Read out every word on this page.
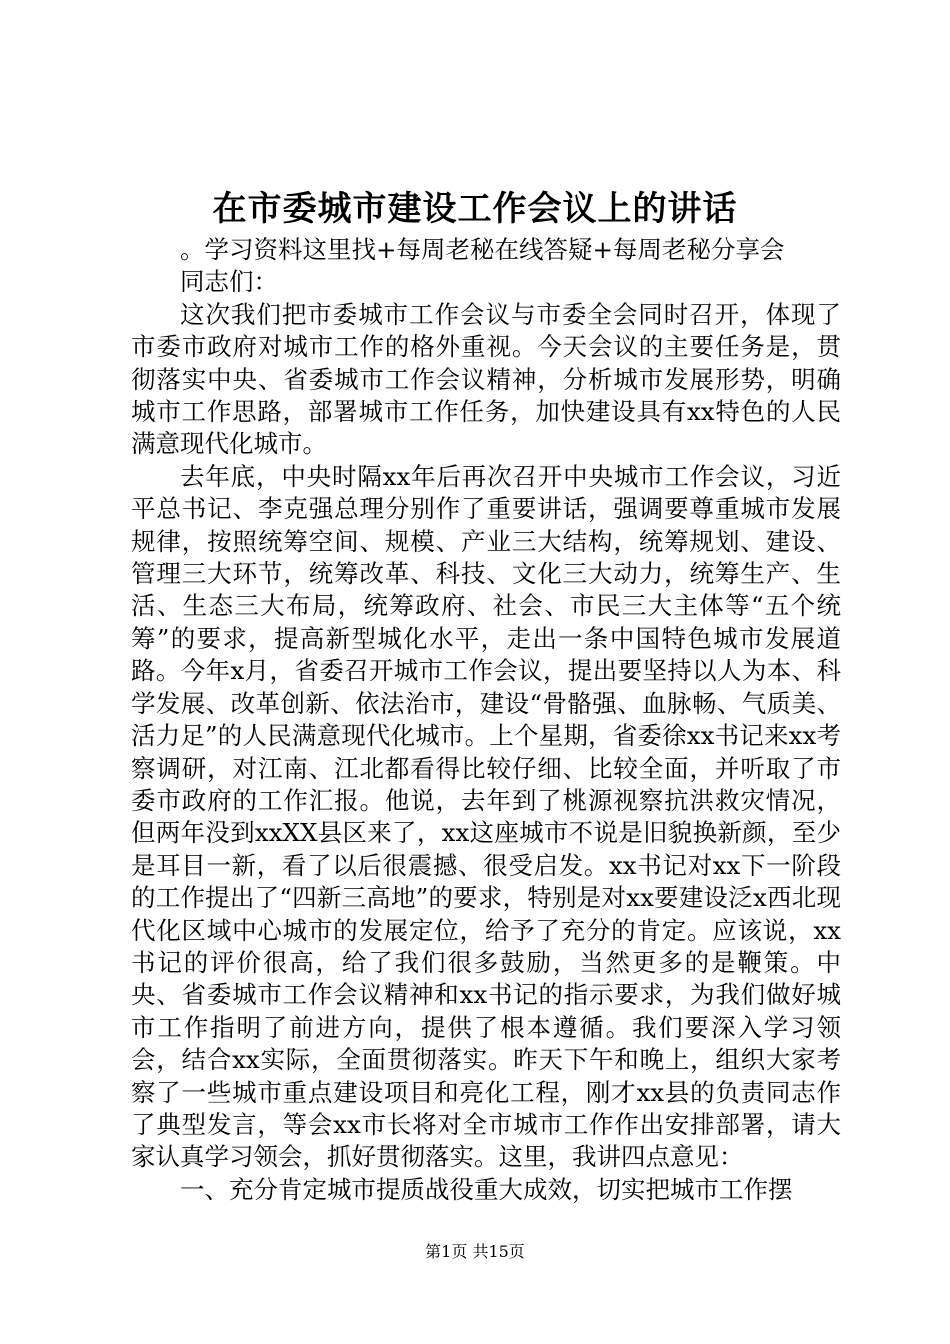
在市委城市建设工作会议上的讲话

。学习资料这里找+每周老秘在线答疑+每周老秘分享会

同志们：

这次我们把市委城市工作会议与市委全会同时召开，体现了市委市政府对城市工作的格外重视。今天会议的主要任务是，贯彻落实中央、省委城市工作会议精神，分析城市发展形势，明确城市工作思路，部署城市工作任务，加快建设具有xx特色的人民满意现代化城市。

去年底，中央时隔xx年后再次召开中央城市工作会议，习近平总书记、李克强总理分别作了重要讲话，强调要尊重城市发展规律，按照统筹空间、规模、产业三大结构，统筹规划、建设、管理三大环节，统筹改革、科技、文化三大动力，统筹生产、生活、生态三大布局，统筹政府、社会、市民三大主体等“五个统筹”的要求，提高新型城化水平，走出一条中国特色城市发展道路。今年x月，省委召开城市工作会议，提出要坚持以人为本、科学发展、改革创新、依法治市，建设“骨骼强、血脉畅、气质美、活力足”的人民满意现代化城市。上个星期，省委徐xx书记来xx考察调研，对江南、江北都看得比较仔细、比较全面，并听取了市委市政府的工作汇报。他说，去年到了桃源视察抗洪救灾情况，但两年没到xxXX县区来了，xx这座城市不说是旧貌换新颜，至少是耳目一新，看了以后很震撼、很受启发。xx书记对xx下一阶段的工作提出了“四新三高地”的要求，特别是对xx要建设泛x西北现代化区域中心城市的发展定位，给予了充分的肯定。应该说，xx书记的评价很高，给了我们很多鼓励，当然更多的是鞭策。中央、省委城市工作会议精神和xx书记的指示要求，为我们做好城市工作指明了前进方向，提供了根本遵循。我们要深入学习领会，结合xx实际，全面贯彻落实。昨天下午和晚上，组织大家考察了一些城市重点建设项目和亮化工程，刚才xx县的负责同志作了典型发言，等会xx市长将对全市城市工作作出安排部署，请大家认真学习领会，抓好贯彻落实。这里，我讲四点意见：

一、充分肯定城市提质战役重大成效，切实把城市工作摆

第1页 共15页
